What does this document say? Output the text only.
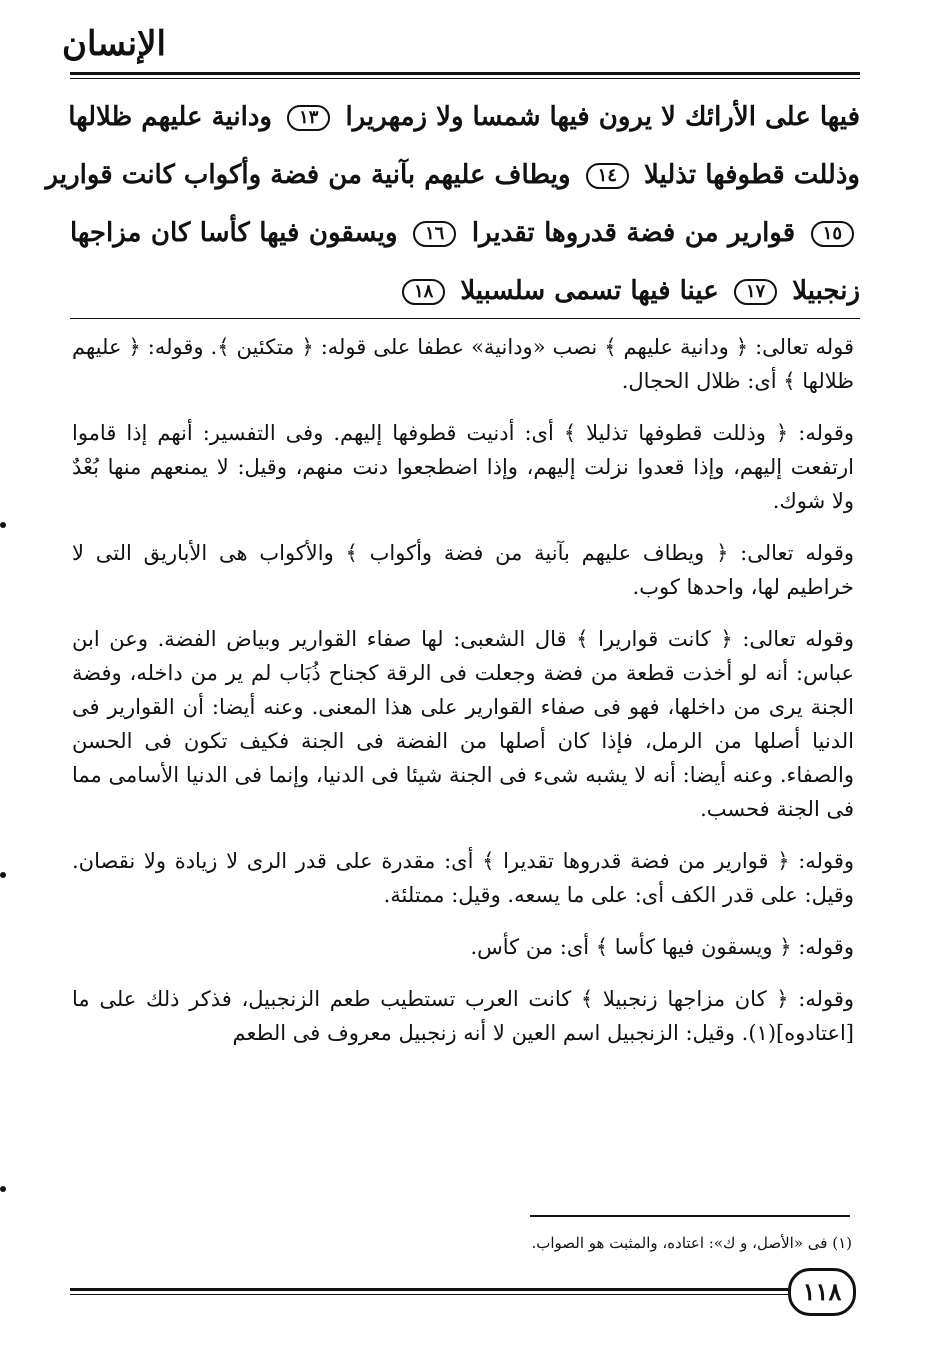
الإنسان
فيها على الأرائك لا يرون فيها شمسا ولا زمهريرا ١٣ ودانية عليهم ظلالها
وذللت قطوفها تذليلا ١٤ ويطاف عليهم بآنية من فضة وأكواب كانت قوارير
١٥ قوارير من فضة قدروها تقديرا ١٦ ويسقون فيها كأسا كان مزاجها
زنجبيلا ١٧ عينا فيها تسمى سلسبيلا ١٨

قوله تعالى: ﴿ ودانية عليهم ﴾ نصب «ودانية» عطفا على قوله: ﴿ متكئين ﴾. وقوله: ﴿ عليهم ظلالها ﴾ أى: ظلال الحجال.

وقوله: ﴿ وذللت قطوفها تذليلا ﴾ أى: أدنيت قطوفها إليهم. وفى التفسير: أنهم إذا قاموا ارتفعت إليهم، وإذا قعدوا نزلت إليهم، وإذا اضطجعوا دنت منهم، وقيل: لا يمنعهم منها بُعْدٌ ولا شوك.

وقوله تعالى: ﴿ ويطاف عليهم بآنية من فضة وأكواب ﴾ والأكواب هى الأباريق التى لا خراطيم لها، واحدها كوب.

وقوله تعالى: ﴿ كانت قواريرا ﴾ قال الشعبى: لها صفاء القوارير وبياض الفضة. وعن ابن عباس: أنه لو أخذت قطعة من فضة وجعلت فى الرقة كجناح ذُبَاب لم ير من داخله، وفضة الجنة يرى من داخلها، فهو فى صفاء القوارير على هذا المعنى. وعنه أيضا: أن القوارير فى الدنيا أصلها من الرمل، فإذا كان أصلها من الفضة فى الجنة فكيف تكون فى الحسن والصفاء. وعنه أيضا: أنه لا يشبه شىء فى الجنة شيئا فى الدنيا، وإنما فى الدنيا الأسامى مما فى الجنة فحسب.

وقوله: ﴿ قوارير من فضة قدروها تقديرا ﴾ أى: مقدرة على قدر الرى لا زيادة ولا نقصان. وقيل: على قدر الكف أى: على ما يسعه. وقيل: ممتلئة.

وقوله: ﴿ ويسقون فيها كأسا ﴾ أى: من كأس.

وقوله: ﴿ كان مزاجها زنجبيلا ﴾ كانت العرب تستطيب طعم الزنجبيل، فذكر ذلك على ما [اعتادوه](١). وقيل: الزنجبيل اسم العين لا أنه زنجبيل معروف فى الطعم

(١) فى «الأصل، و ك»: اعتاده، والمثبت هو الصواب.
١١٨
